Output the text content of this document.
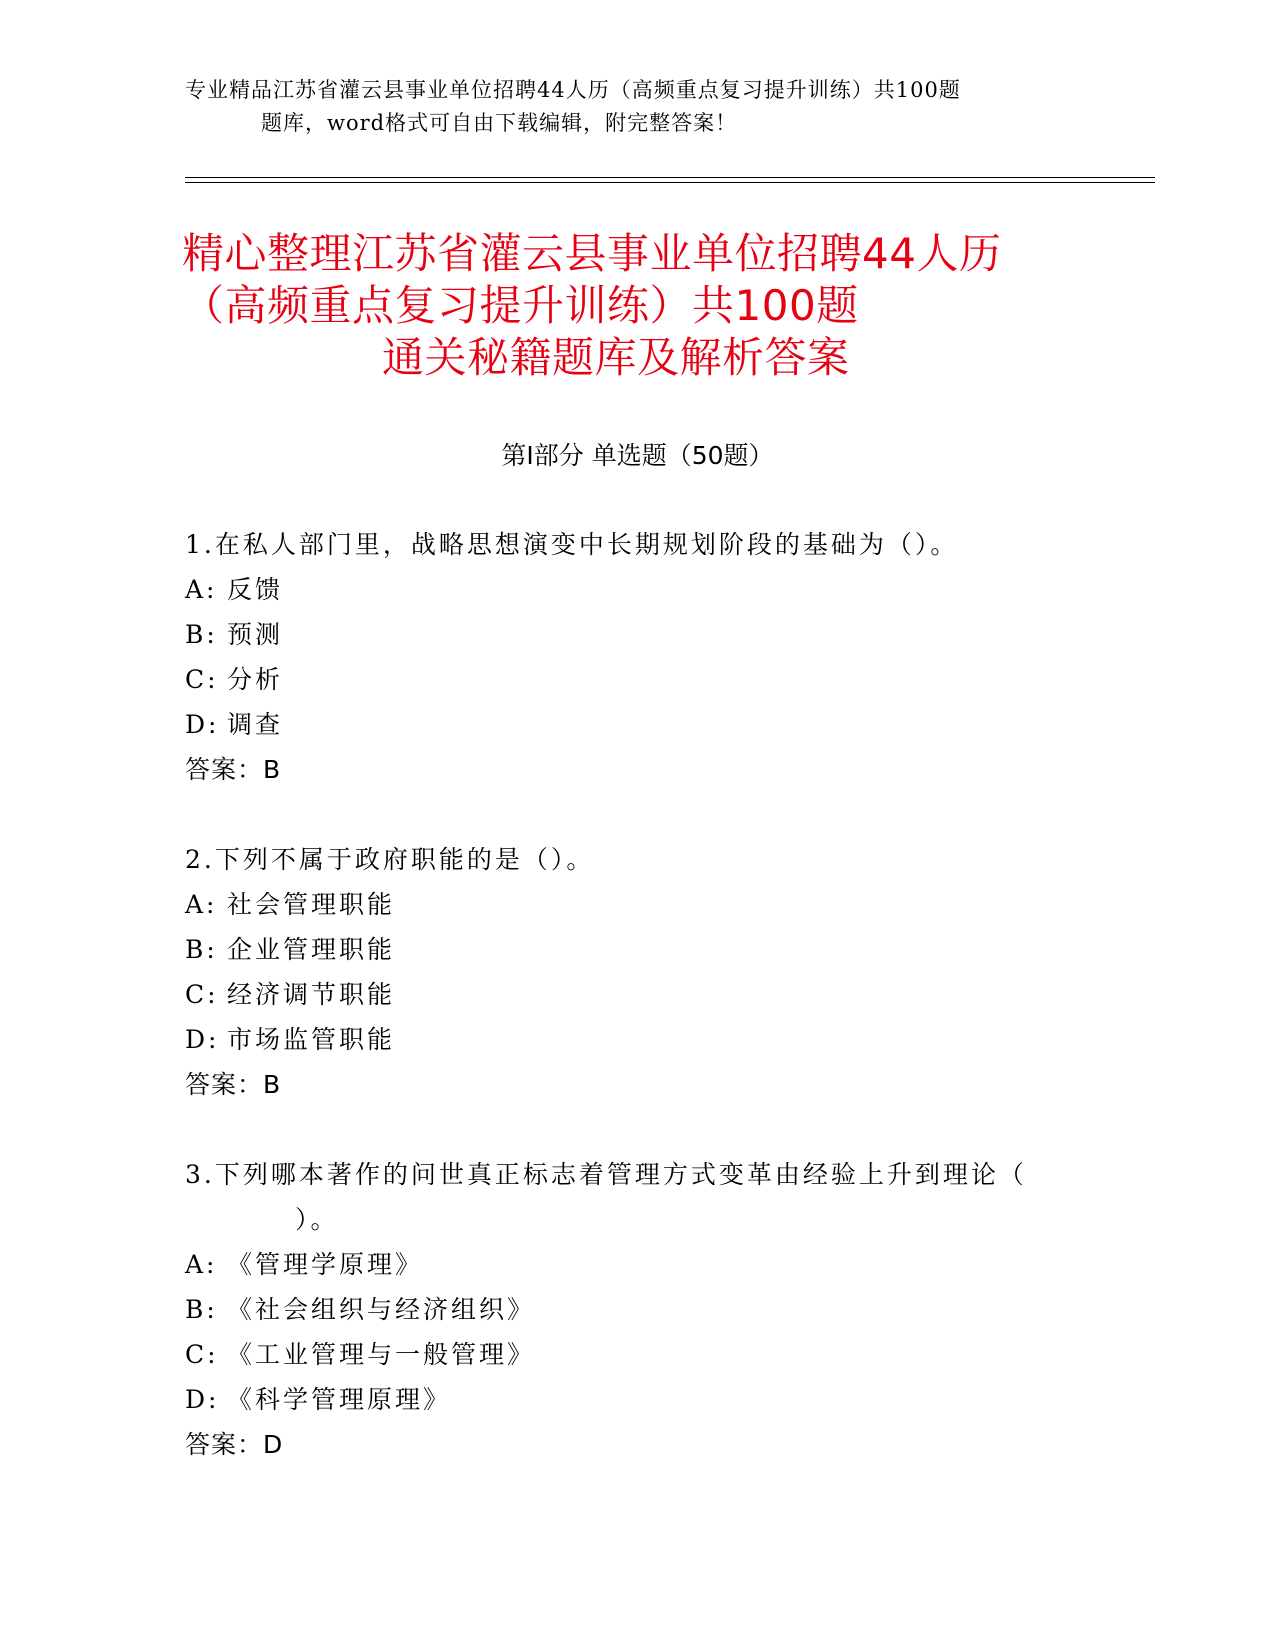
专业精品江苏省灌云县事业单位招聘44人历（高频重点复习提升训练）共100题
题库，word格式可自由下载编辑，附完整答案！
精心整理江苏省灌云县事业单位招聘44人历
（高频重点复习提升训练）共100题
通关秘籍题库及解析答案
第Ⅰ部分 单选题（50题）
1.在私人部门里，战略思想演变中长期规划阶段的基础为（）。
A: 反馈
B: 预测
C: 分析
D: 调查
答案：B
2.下列不属于政府职能的是（）。
A: 社会管理职能
B: 企业管理职能
C: 经济调节职能
D: 市场监管职能
答案：B
3.下列哪本著作的问世真正标志着管理方式变革由经验上升到理论（
）。
A: 《管理学原理》
B: 《社会组织与经济组织》
C: 《工业管理与一般管理》
D: 《科学管理原理》
答案：D
